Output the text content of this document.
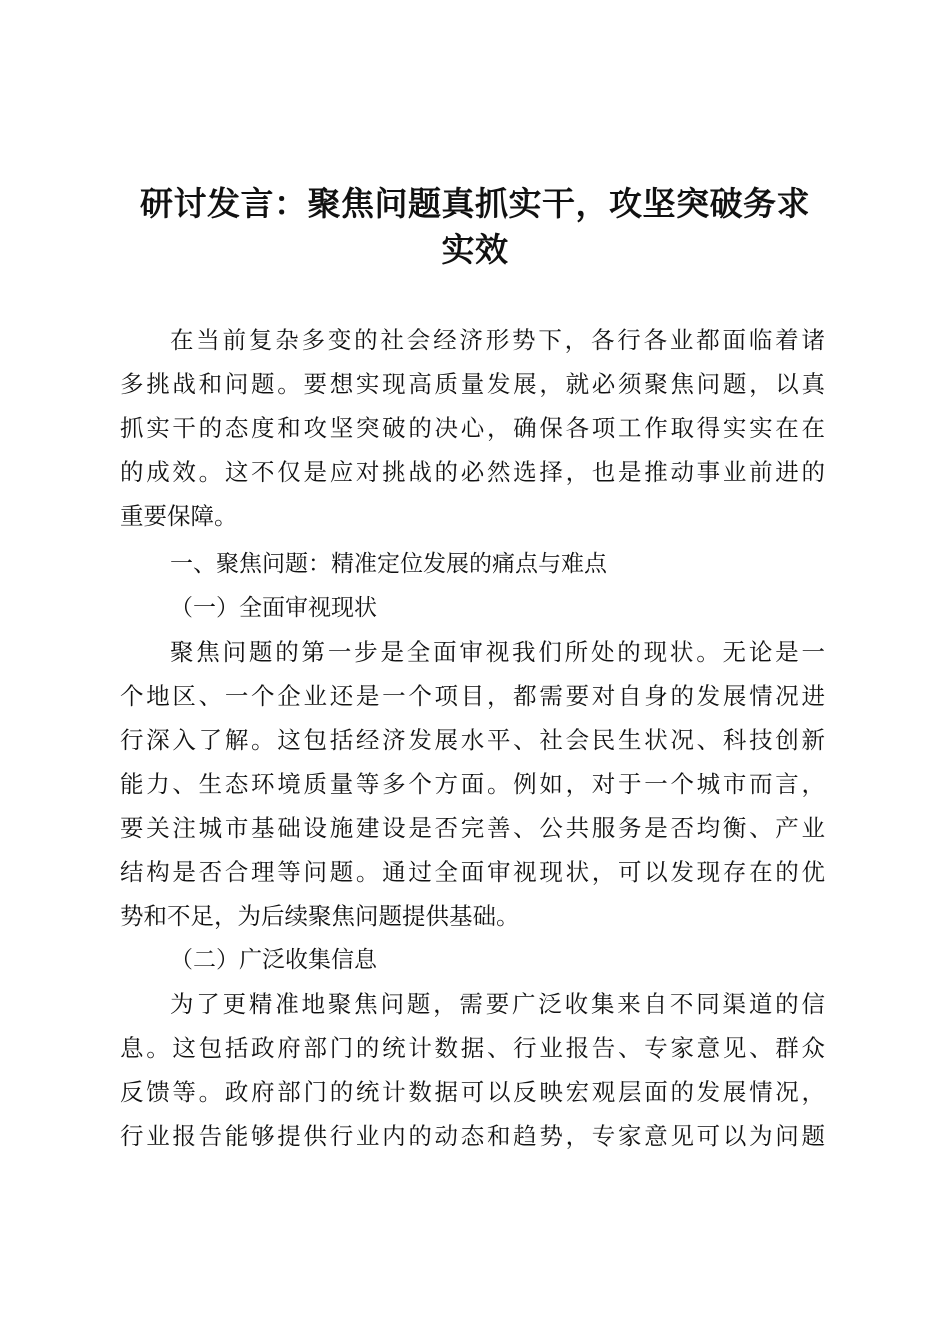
研讨发言：聚焦问题真抓实干，攻坚突破务求
实效
在当前复杂多变的社会经济形势下，各行各业都面临着诸
多挑战和问题。要想实现高质量发展，就必须聚焦问题，以真
抓实干的态度和攻坚突破的决心，确保各项工作取得实实在在
的成效。这不仅是应对挑战的必然选择，也是推动事业前进的
重要保障。
一、聚焦问题：精准定位发展的痛点与难点
（一）全面审视现状
聚焦问题的第一步是全面审视我们所处的现状。无论是一
个地区、一个企业还是一个项目，都需要对自身的发展情况进
行深入了解。这包括经济发展水平、社会民生状况、科技创新
能力、生态环境质量等多个方面。例如，对于一个城市而言，
要关注城市基础设施建设是否完善、公共服务是否均衡、产业
结构是否合理等问题。通过全面审视现状，可以发现存在的优
势和不足，为后续聚焦问题提供基础。
（二）广泛收集信息
为了更精准地聚焦问题，需要广泛收集来自不同渠道的信
息。这包括政府部门的统计数据、行业报告、专家意见、群众
反馈等。政府部门的统计数据可以反映宏观层面的发展情况，
行业报告能够提供行业内的动态和趋势，专家意见可以为问题
